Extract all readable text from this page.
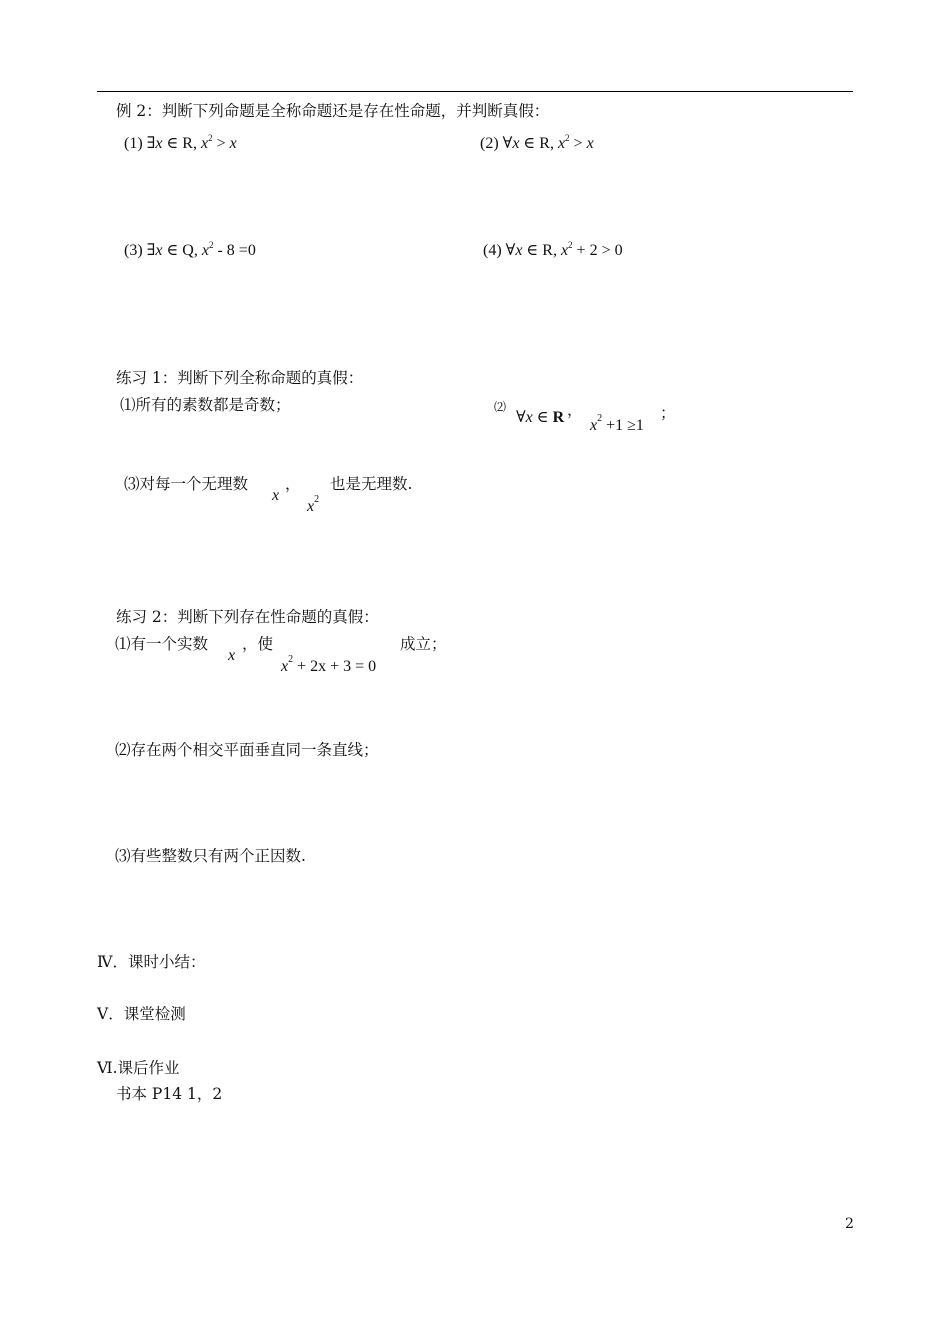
例 2：判断下列命题是全称命题还是存在性命题，并判断真假：
(1) ∃x ∈ R, $x^2 > x$	(2) ∀x ∈ R, $x^2 > x$
(3) ∃x ∈ Q, $x^2 - 8 =0$	(4) ∀x ∈ R, $x^2 + 2 > 0$
练习 1：判断下列全称命题的真假：
⑴所有的素数都是奇数；	⑵
∀x ∈ R ，
$x^2 +1 \ge 1$
；
⑶对每一个无理数
x
，
$x^2$
也是无理数.
练习 2：判断下列存在性命题的真假：
⑴有一个实数
x
，使
$x^2 + 2x + 3 = 0$
成立；
⑵存在两个相交平面垂直同一条直线；
⑶有些整数只有两个正因数.
Ⅳ．课时小结：
Ⅴ．课堂检测
Ⅵ.课后作业
书本 P14 1，2
2
